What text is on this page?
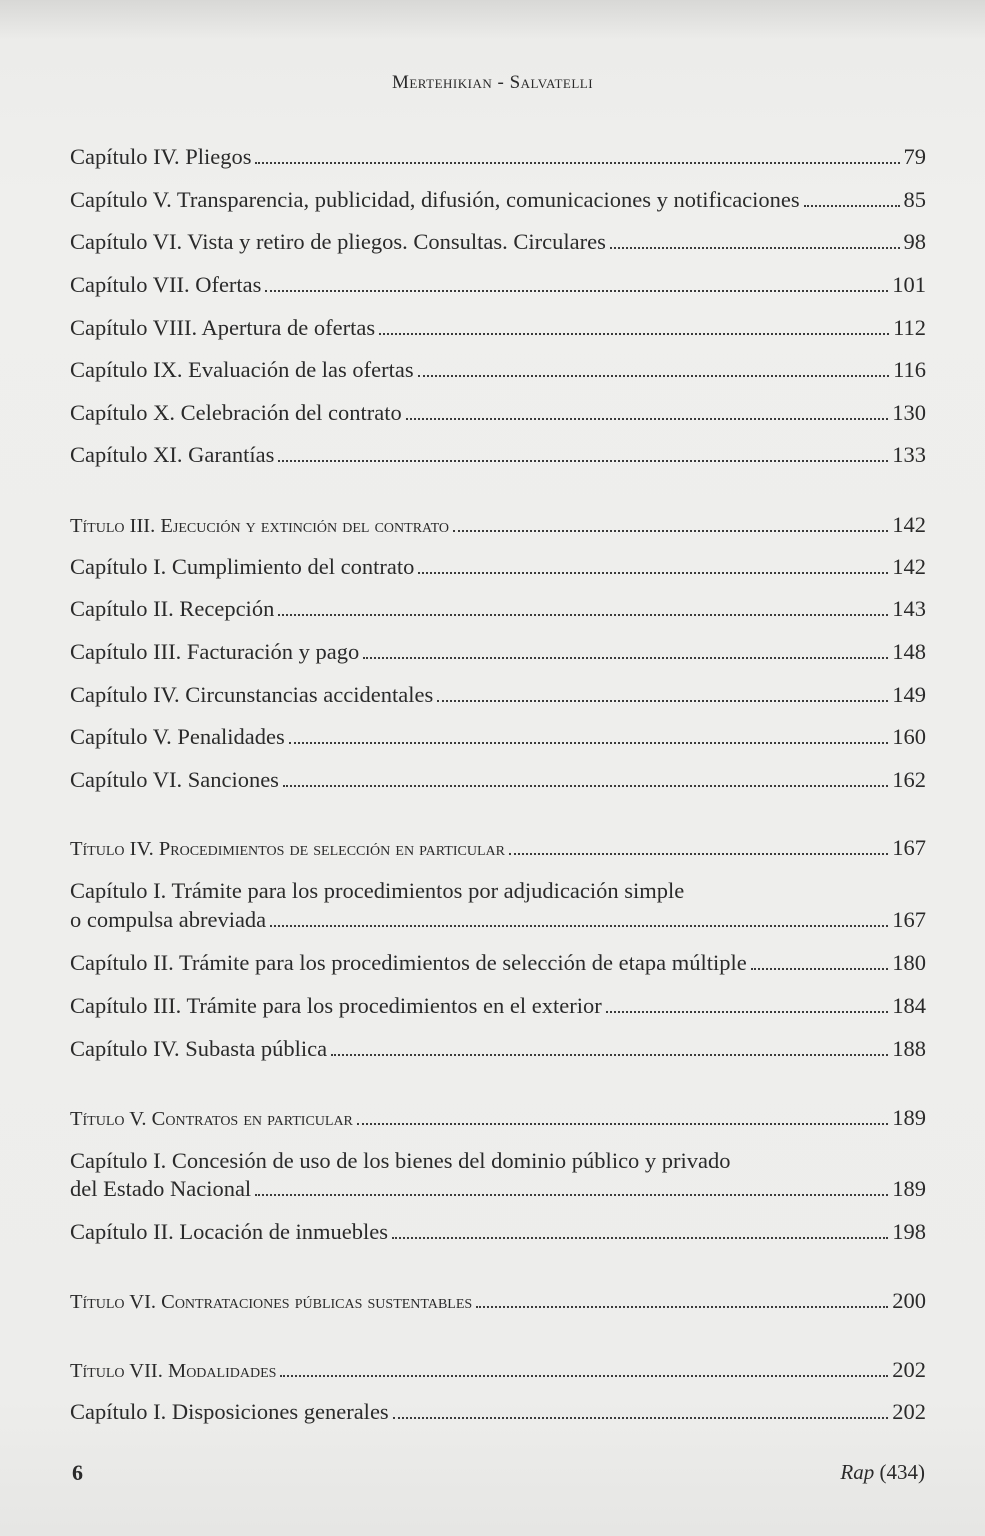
Mertehikian - Salvatelli
Capítulo IV. Pliegos	79
Capítulo V. Transparencia, publicidad, difusión, comunicaciones y notificaciones	85
Capítulo VI. Vista y retiro de pliegos. Consultas. Circulares	98
Capítulo VII. Ofertas	101
Capítulo VIII. Apertura de ofertas	112
Capítulo IX. Evaluación de las ofertas	116
Capítulo X. Celebración del contrato	130
Capítulo XI. Garantías	133
Título III. Ejecución y extinción del contrato	142
Capítulo I. Cumplimiento del contrato	142
Capítulo II. Recepción	143
Capítulo III. Facturación y pago	148
Capítulo IV. Circunstancias accidentales	149
Capítulo V. Penalidades	160
Capítulo VI. Sanciones	162
Título IV. Procedimientos de selección en particular	167
Capítulo I. Trámite para los procedimientos por adjudicación simple
o compulsa abreviada	167
Capítulo II. Trámite para los procedimientos de selección de etapa múltiple	180
Capítulo III. Trámite para los procedimientos en el exterior	184
Capítulo IV. Subasta pública	188
Título V. Contratos en particular	189
Capítulo I. Concesión de uso de los bienes del dominio público y privado
del Estado Nacional	189
Capítulo II. Locación de inmuebles	198
Título VI. Contrataciones públicas sustentables	200
Título VII. Modalidades	202
Capítulo I. Disposiciones generales	202
6	Rap (434)
